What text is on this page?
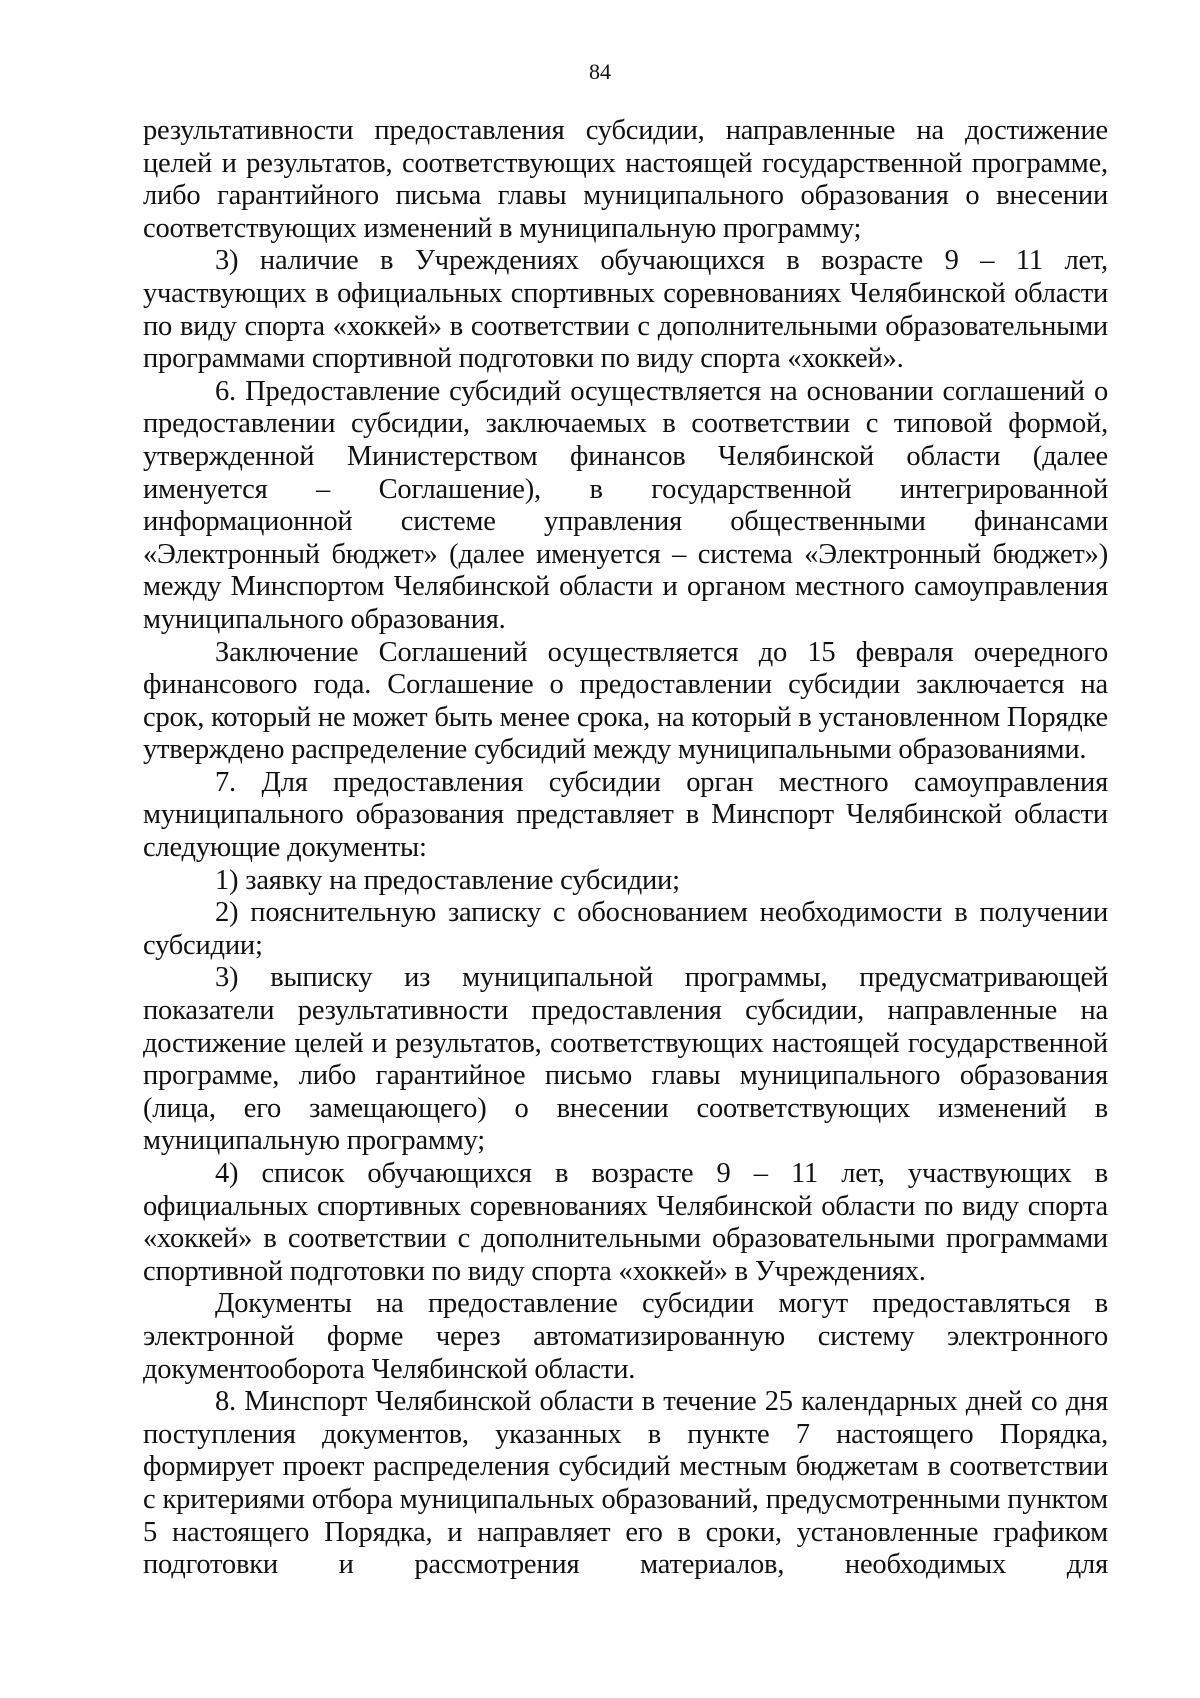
84

результативности предоставления субсидии, направленные на достижение целей и результатов, соответствующих настоящей государственной программе, либо гарантийного письма главы муниципального образования о внесении соответствующих изменений в муниципальную программу;

3) наличие в Учреждениях обучающихся в возрасте 9 – 11 лет, участвующих в официальных спортивных соревнованиях Челябинской области по виду спорта «хоккей» в соответствии с дополнительными образовательными программами спортивной подготовки по виду спорта «хоккей».

6. Предоставление субсидий осуществляется на основании соглашений о предоставлении субсидии, заключаемых в соответствии с типовой формой, утвержденной Министерством финансов Челябинской области (далее именуется – Соглашение), в государственной интегрированной информационной системе управления общественными финансами «Электронный бюджет» (далее именуется – система «Электронный бюджет») между Минспортом Челябинской области и органом местного самоуправления муниципального образования.

Заключение Соглашений осуществляется до 15 февраля очередного финансового года. Соглашение о предоставлении субсидии заключается на срок, который не может быть менее срока, на который в установленном Порядке утверждено распределение субсидий между муниципальными образованиями.

7. Для предоставления субсидии орган местного самоуправления муниципального образования представляет в Минспорт Челябинской области следующие документы:

1) заявку на предоставление субсидии;

2) пояснительную записку с обоснованием необходимости в получении субсидии;

3) выписку из муниципальной программы, предусматривающей показатели результативности предоставления субсидии, направленные на достижение целей и результатов, соответствующих настоящей государственной программе, либо гарантийное письмо главы муниципального образования (лица, его замещающего) о внесении соответствующих изменений в муниципальную программу;

4) список обучающихся в возрасте 9 – 11 лет, участвующих в официальных спортивных соревнованиях Челябинской области по виду спорта «хоккей» в соответствии с дополнительными образовательными программами спортивной подготовки по виду спорта «хоккей» в Учреждениях.

Документы на предоставление субсидии могут предоставляться в электронной форме через автоматизированную систему электронного документооборота Челябинской области.

8. Минспорт Челябинской области в течение 25 календарных дней со дня поступления документов, указанных в пункте 7 настоящего Порядка, формирует проект распределения субсидий местным бюджетам в соответствии с критериями отбора муниципальных образований, предусмотренными пунктом 5 настоящего Порядка, и направляет его в сроки, установленные графиком подготовки и рассмотрения материалов, необходимых для
